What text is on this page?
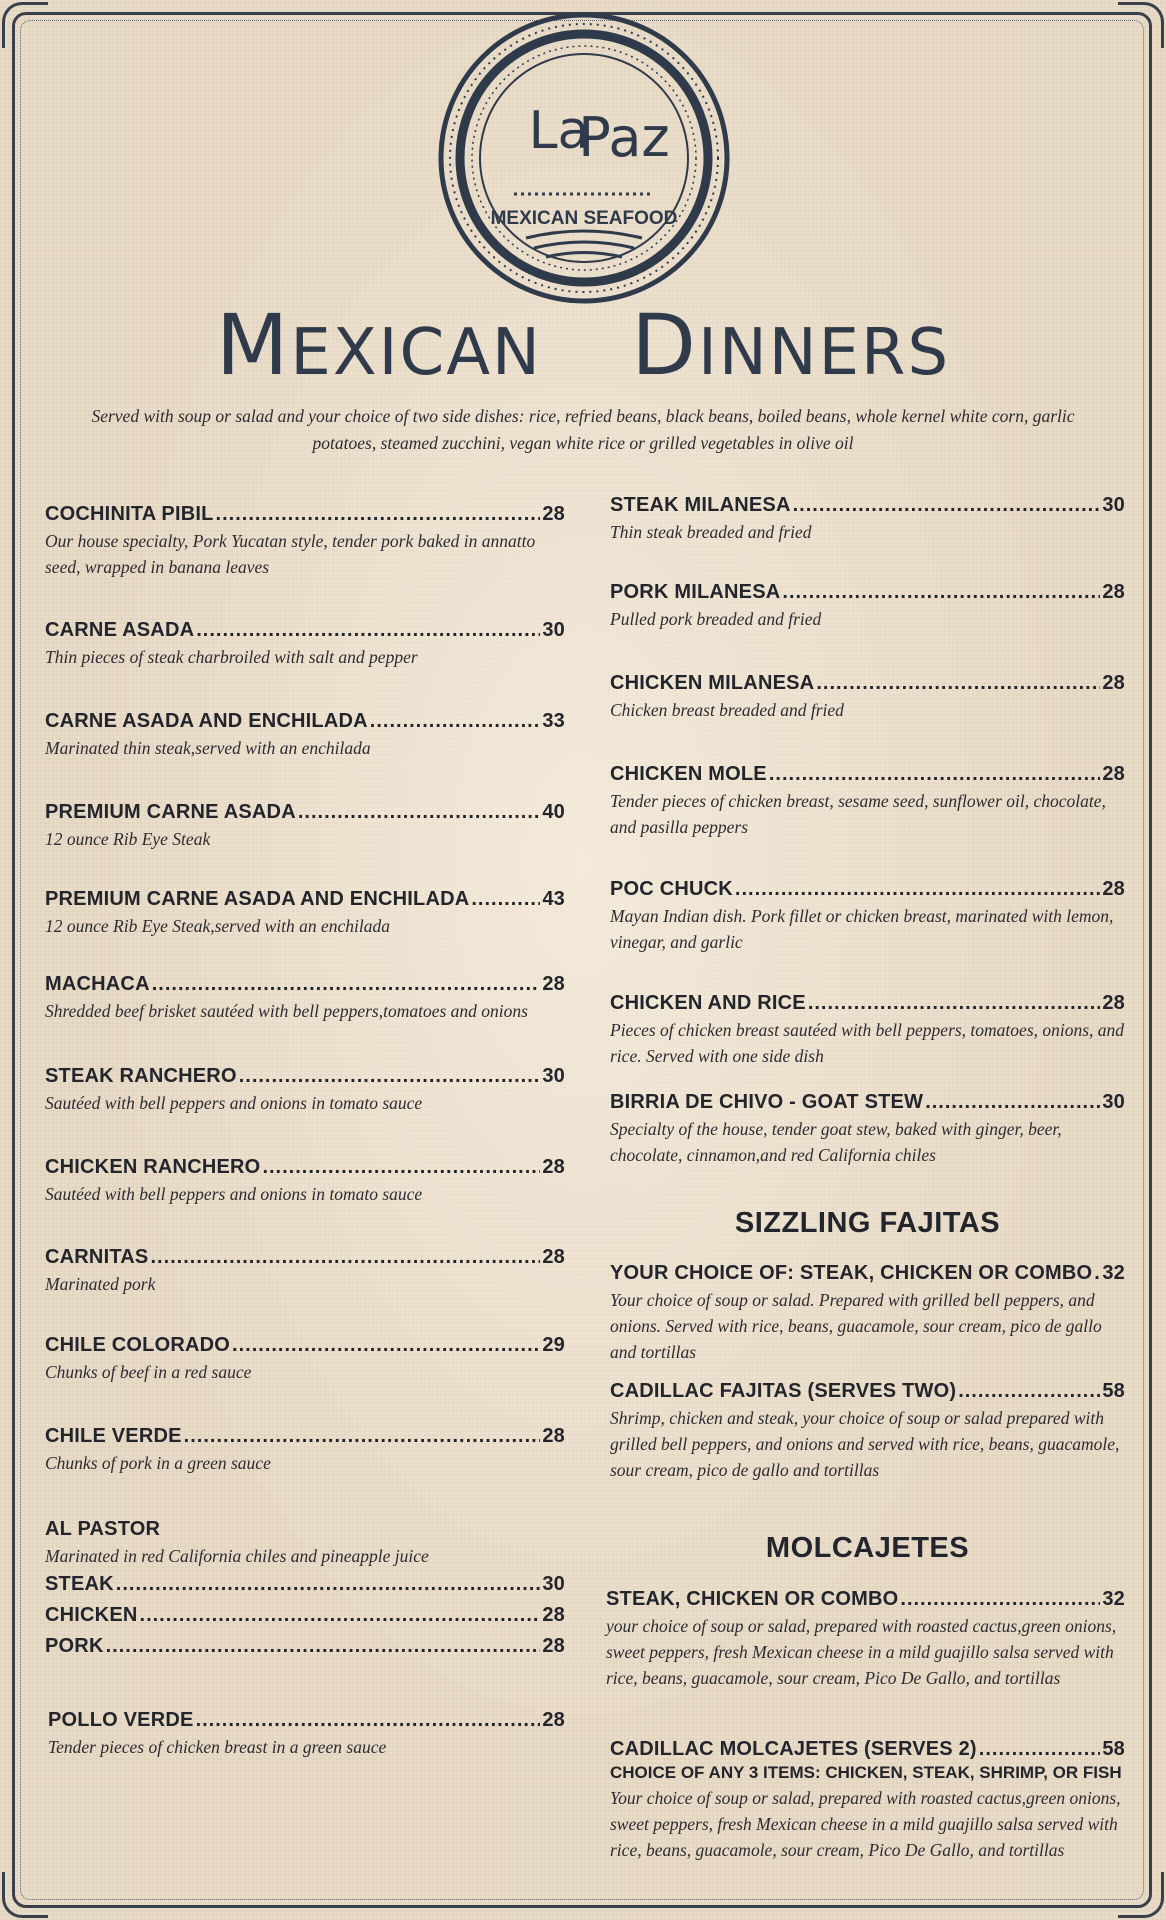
La
Paz
MEXICAN SEAFOOD
MEXICAN DINNERS
Served with soup or salad and your choice of two side dishes: rice, refried beans, black beans, boiled beans, whole kernel white corn, garlic potatoes, steamed zucchini, vegan white rice or grilled vegetables in olive oil
COCHINITA PIBIL .....	28
Our house specialty, Pork Yucatan style, tender pork baked in annatto seed, wrapped in banana leaves
CARNE ASADA .....	30
Thin pieces of steak charbroiled with salt and pepper
CARNE ASADA AND ENCHILADA .....	33
Marinated thin steak,served with an enchilada
PREMIUM CARNE ASADA .....	40
12 ounce Rib Eye Steak
PREMIUM CARNE ASADA AND ENCHILADA .....	43
12 ounce Rib Eye Steak,served with an enchilada
MACHACA .....	28
Shredded beef brisket sautéed with bell peppers,tomatoes and onions
STEAK RANCHERO .....	30
Sautéed with bell peppers and onions in tomato sauce
CHICKEN RANCHERO .....	28
Sautéed with bell peppers and onions in tomato sauce
CARNITAS .....	28
Marinated pork
CHILE COLORADO .....	29
Chunks of beef in a red sauce
CHILE VERDE .....	28
Chunks of pork in a green sauce
AL PASTOR
Marinated in red California chiles and pineapple juice
STEAK .....	30
CHICKEN .....	28
PORK .....	28
POLLO VERDE .....	28
Tender pieces of chicken breast in a green sauce
STEAK MILANESA .....	30
Thin steak breaded and fried
PORK MILANESA .....	28
Pulled pork breaded and fried
CHICKEN MILANESA .....	28
Chicken breast breaded and fried
CHICKEN MOLE .....	28
Tender pieces of chicken breast, sesame seed, sunflower oil, chocolate, and pasilla peppers
POC CHUCK .....	28
Mayan Indian dish. Pork fillet or chicken breast, marinated with lemon, vinegar, and garlic
CHICKEN AND RICE .....	28
Pieces of chicken breast sautéed with bell peppers, tomatoes, onions, and rice. Served with one side dish
BIRRIA DE CHIVO - GOAT STEW .....	30
Specialty of the house, tender goat stew, baked with ginger, beer, chocolate, cinnamon,and red California chiles
SIZZLING FAJITAS
YOUR CHOICE OF: STEAK, CHICKEN OR COMBO ..... 32
Your choice of soup or salad. Prepared with grilled bell peppers, and onions. Served with rice, beans, guacamole, sour cream, pico de gallo and tortillas
CADILLAC FAJITAS (SERVES TWO) .....	58
Shrimp, chicken and steak, your choice of soup or salad prepared with grilled bell peppers, and onions and served with rice, beans, guacamole, sour cream, pico de gallo and tortillas
MOLCAJETES
STEAK, CHICKEN OR COMBO .....	32
your choice of soup or salad, prepared with roasted cactus,green onions, sweet peppers, fresh Mexican cheese in a mild guajillo salsa served with rice, beans, guacamole, sour cream, Pico De Gallo, and tortillas
CADILLAC MOLCAJETES (SERVES 2) .....	58
CHOICE OF ANY 3 ITEMS: CHICKEN, STEAK, SHRIMP, OR FISH
Your choice of soup or salad, prepared with roasted cactus,green onions, sweet peppers, fresh Mexican cheese in a mild guajillo salsa served with rice, beans, guacamole, sour cream, Pico De Gallo, and tortillas
